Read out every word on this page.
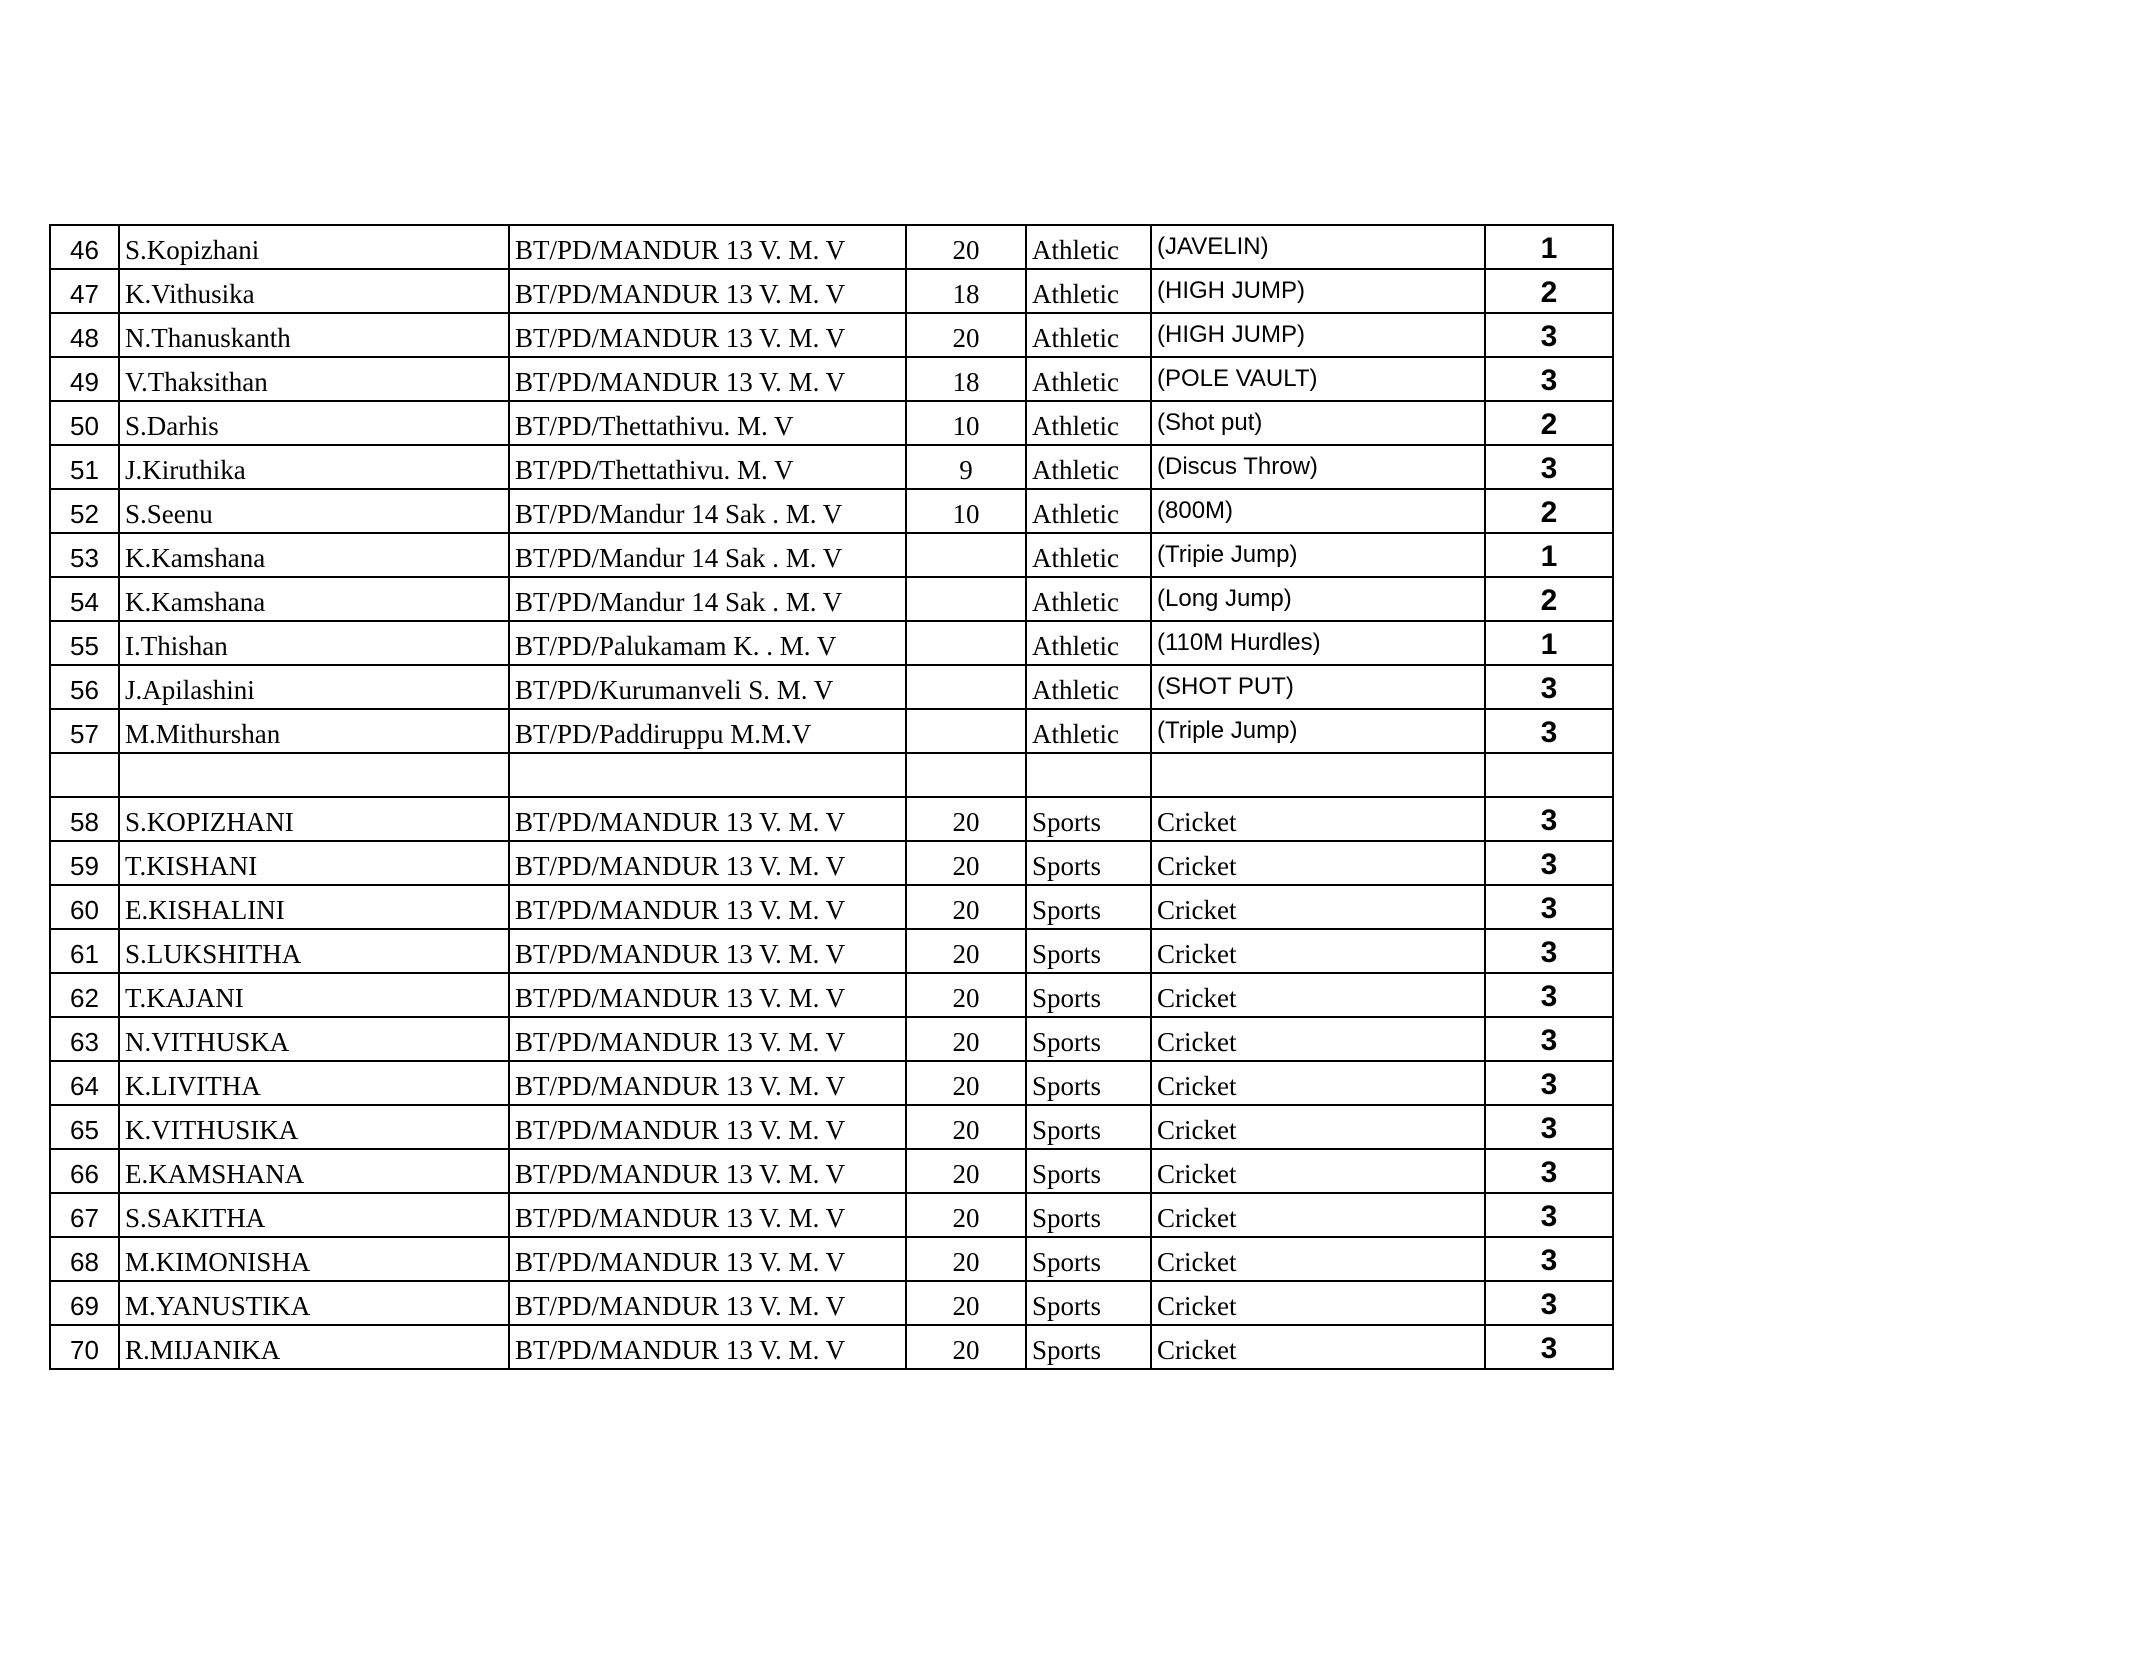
46	S.Kopizhani	BT/PD/MANDUR 13 V. M. V	20	Athletic	(JAVELIN)	1
47	K.Vithusika	BT/PD/MANDUR 13 V. M. V	18	Athletic	(HIGH JUMP)	2
48	N.Thanuskanth	BT/PD/MANDUR 13 V. M. V	20	Athletic	(HIGH JUMP)	3
49	V.Thaksithan	BT/PD/MANDUR 13 V. M. V	18	Athletic	(POLE VAULT)	3
50	S.Darhis	BT/PD/Thettathivu. M. V	10	Athletic	(Shot put)	2
51	J.Kiruthika	BT/PD/Thettathivu. M. V	9	Athletic	(Discus Throw)	3
52	S.Seenu	BT/PD/Mandur 14 Sak . M. V	10	Athletic	(800M)	2
53	K.Kamshana	BT/PD/Mandur 14 Sak . M. V		Athletic	(Tripie Jump)	1
54	K.Kamshana	BT/PD/Mandur 14 Sak . M. V		Athletic	(Long Jump)	2
55	I.Thishan	BT/PD/Palukamam K. . M. V		Athletic	(110M Hurdles)	1
56	J.Apilashini	BT/PD/Kurumanveli S. M. V		Athletic	(SHOT PUT)	3
57	M.Mithurshan	BT/PD/Paddiruppu M.M.V		Athletic	(Triple Jump)	3

58	S.KOPIZHANI	BT/PD/MANDUR 13 V. M. V	20	Sports	Cricket	3
59	T.KISHANI	BT/PD/MANDUR 13 V. M. V	20	Sports	Cricket	3
60	E.KISHALINI	BT/PD/MANDUR 13 V. M. V	20	Sports	Cricket	3
61	S.LUKSHITHA	BT/PD/MANDUR 13 V. M. V	20	Sports	Cricket	3
62	T.KAJANI	BT/PD/MANDUR 13 V. M. V	20	Sports	Cricket	3
63	N.VITHUSKA	BT/PD/MANDUR 13 V. M. V	20	Sports	Cricket	3
64	K.LIVITHA	BT/PD/MANDUR 13 V. M. V	20	Sports	Cricket	3
65	K.VITHUSIKA	BT/PD/MANDUR 13 V. M. V	20	Sports	Cricket	3
66	E.KAMSHANA	BT/PD/MANDUR 13 V. M. V	20	Sports	Cricket	3
67	S.SAKITHA	BT/PD/MANDUR 13 V. M. V	20	Sports	Cricket	3
68	M.KIMONISHA	BT/PD/MANDUR 13 V. M. V	20	Sports	Cricket	3
69	M.YANUSTIKA	BT/PD/MANDUR 13 V. M. V	20	Sports	Cricket	3
70	R.MIJANIKA	BT/PD/MANDUR 13 V. M. V	20	Sports	Cricket	3
